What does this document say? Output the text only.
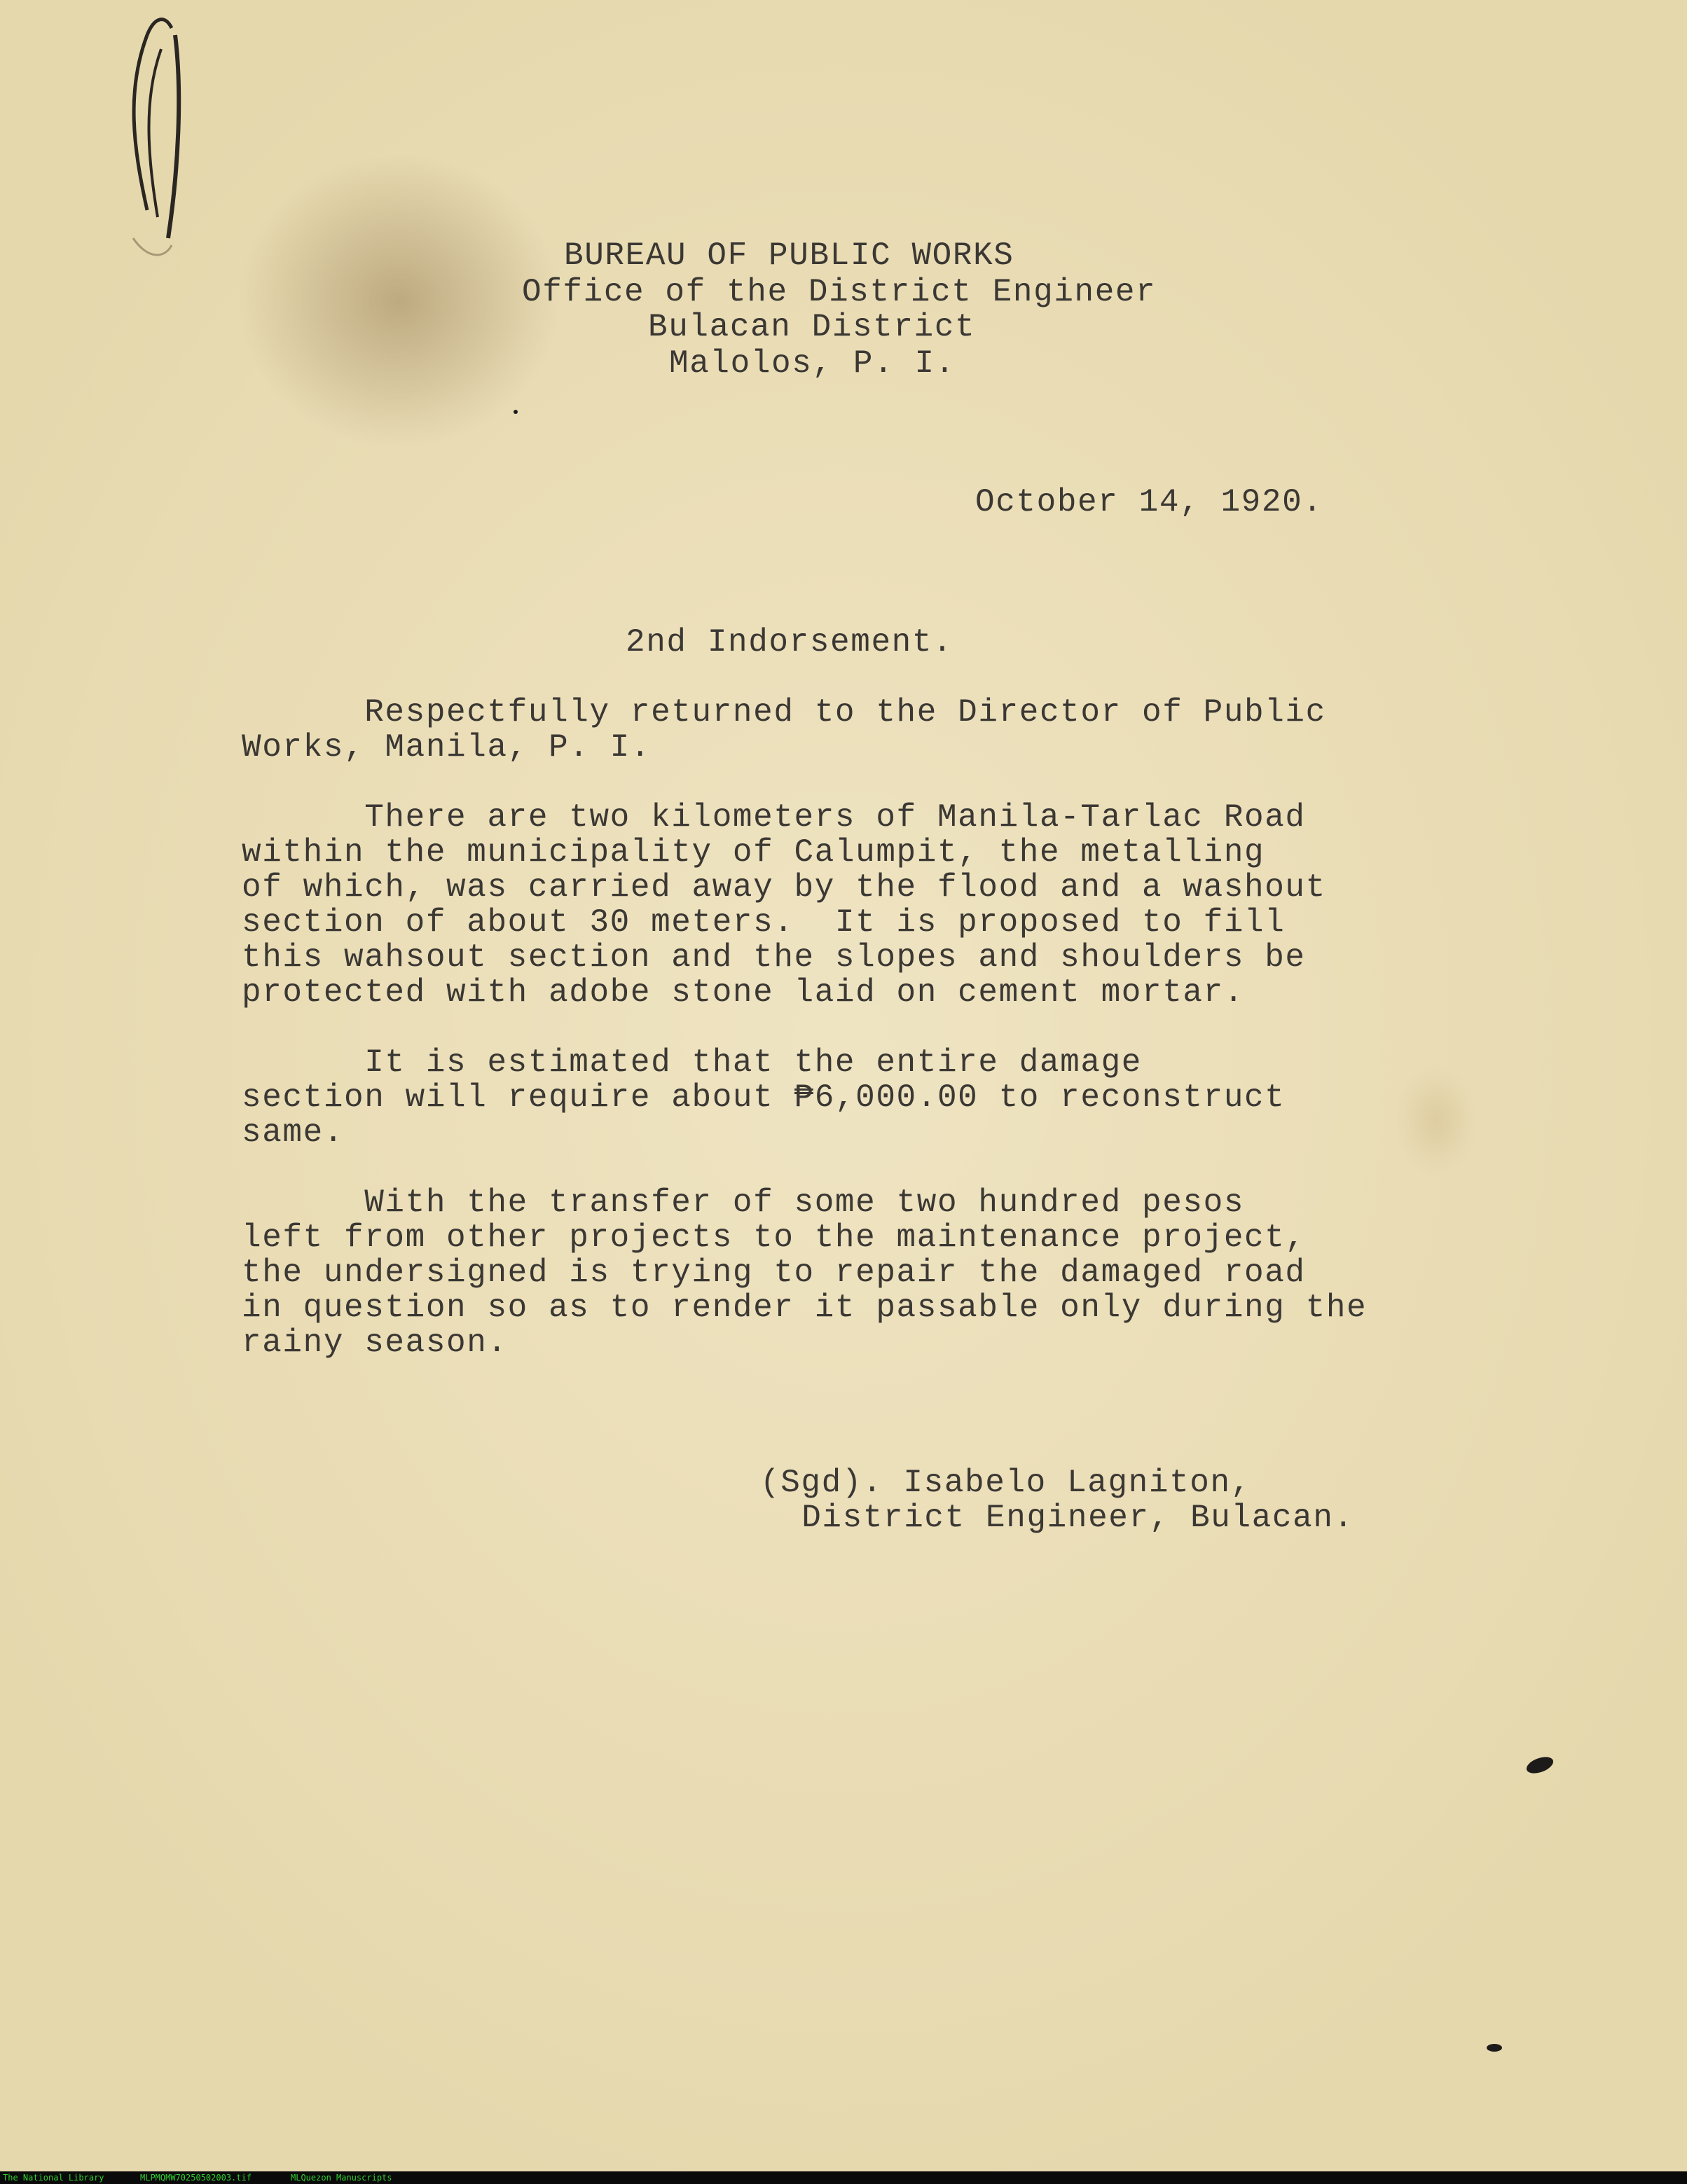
BUREAU OF PUBLIC WORKS
Office of the District Engineer
Bulacan District
Malolos, P. I.
October 14, 1920.
2nd Indorsement.
Respectfully returned to the Director of Public
Works, Manila, P. I.
There are two kilometers of Manila-Tarlac Road
within the municipality of Calumpit, the metalling
of which, was carried away by the flood and a washout
section of about 30 meters.  It is proposed to fill
this wahsout section and the slopes and shoulders be
protected with adobe stone laid on cement mortar.
It is estimated that the entire damage
section will require about ₱6,000.00 to reconstruct
same.
With the transfer of some two hundred pesos
left from other projects to the maintenance project,
the undersigned is trying to repair the damaged road
in question so as to render it passable only during the
rainy season.
(Sgd). Isabelo Lagniton,
District Engineer, Bulacan.
The National Library	MLPMQMW70250502003.tif	MLQuezon Manuscripts
